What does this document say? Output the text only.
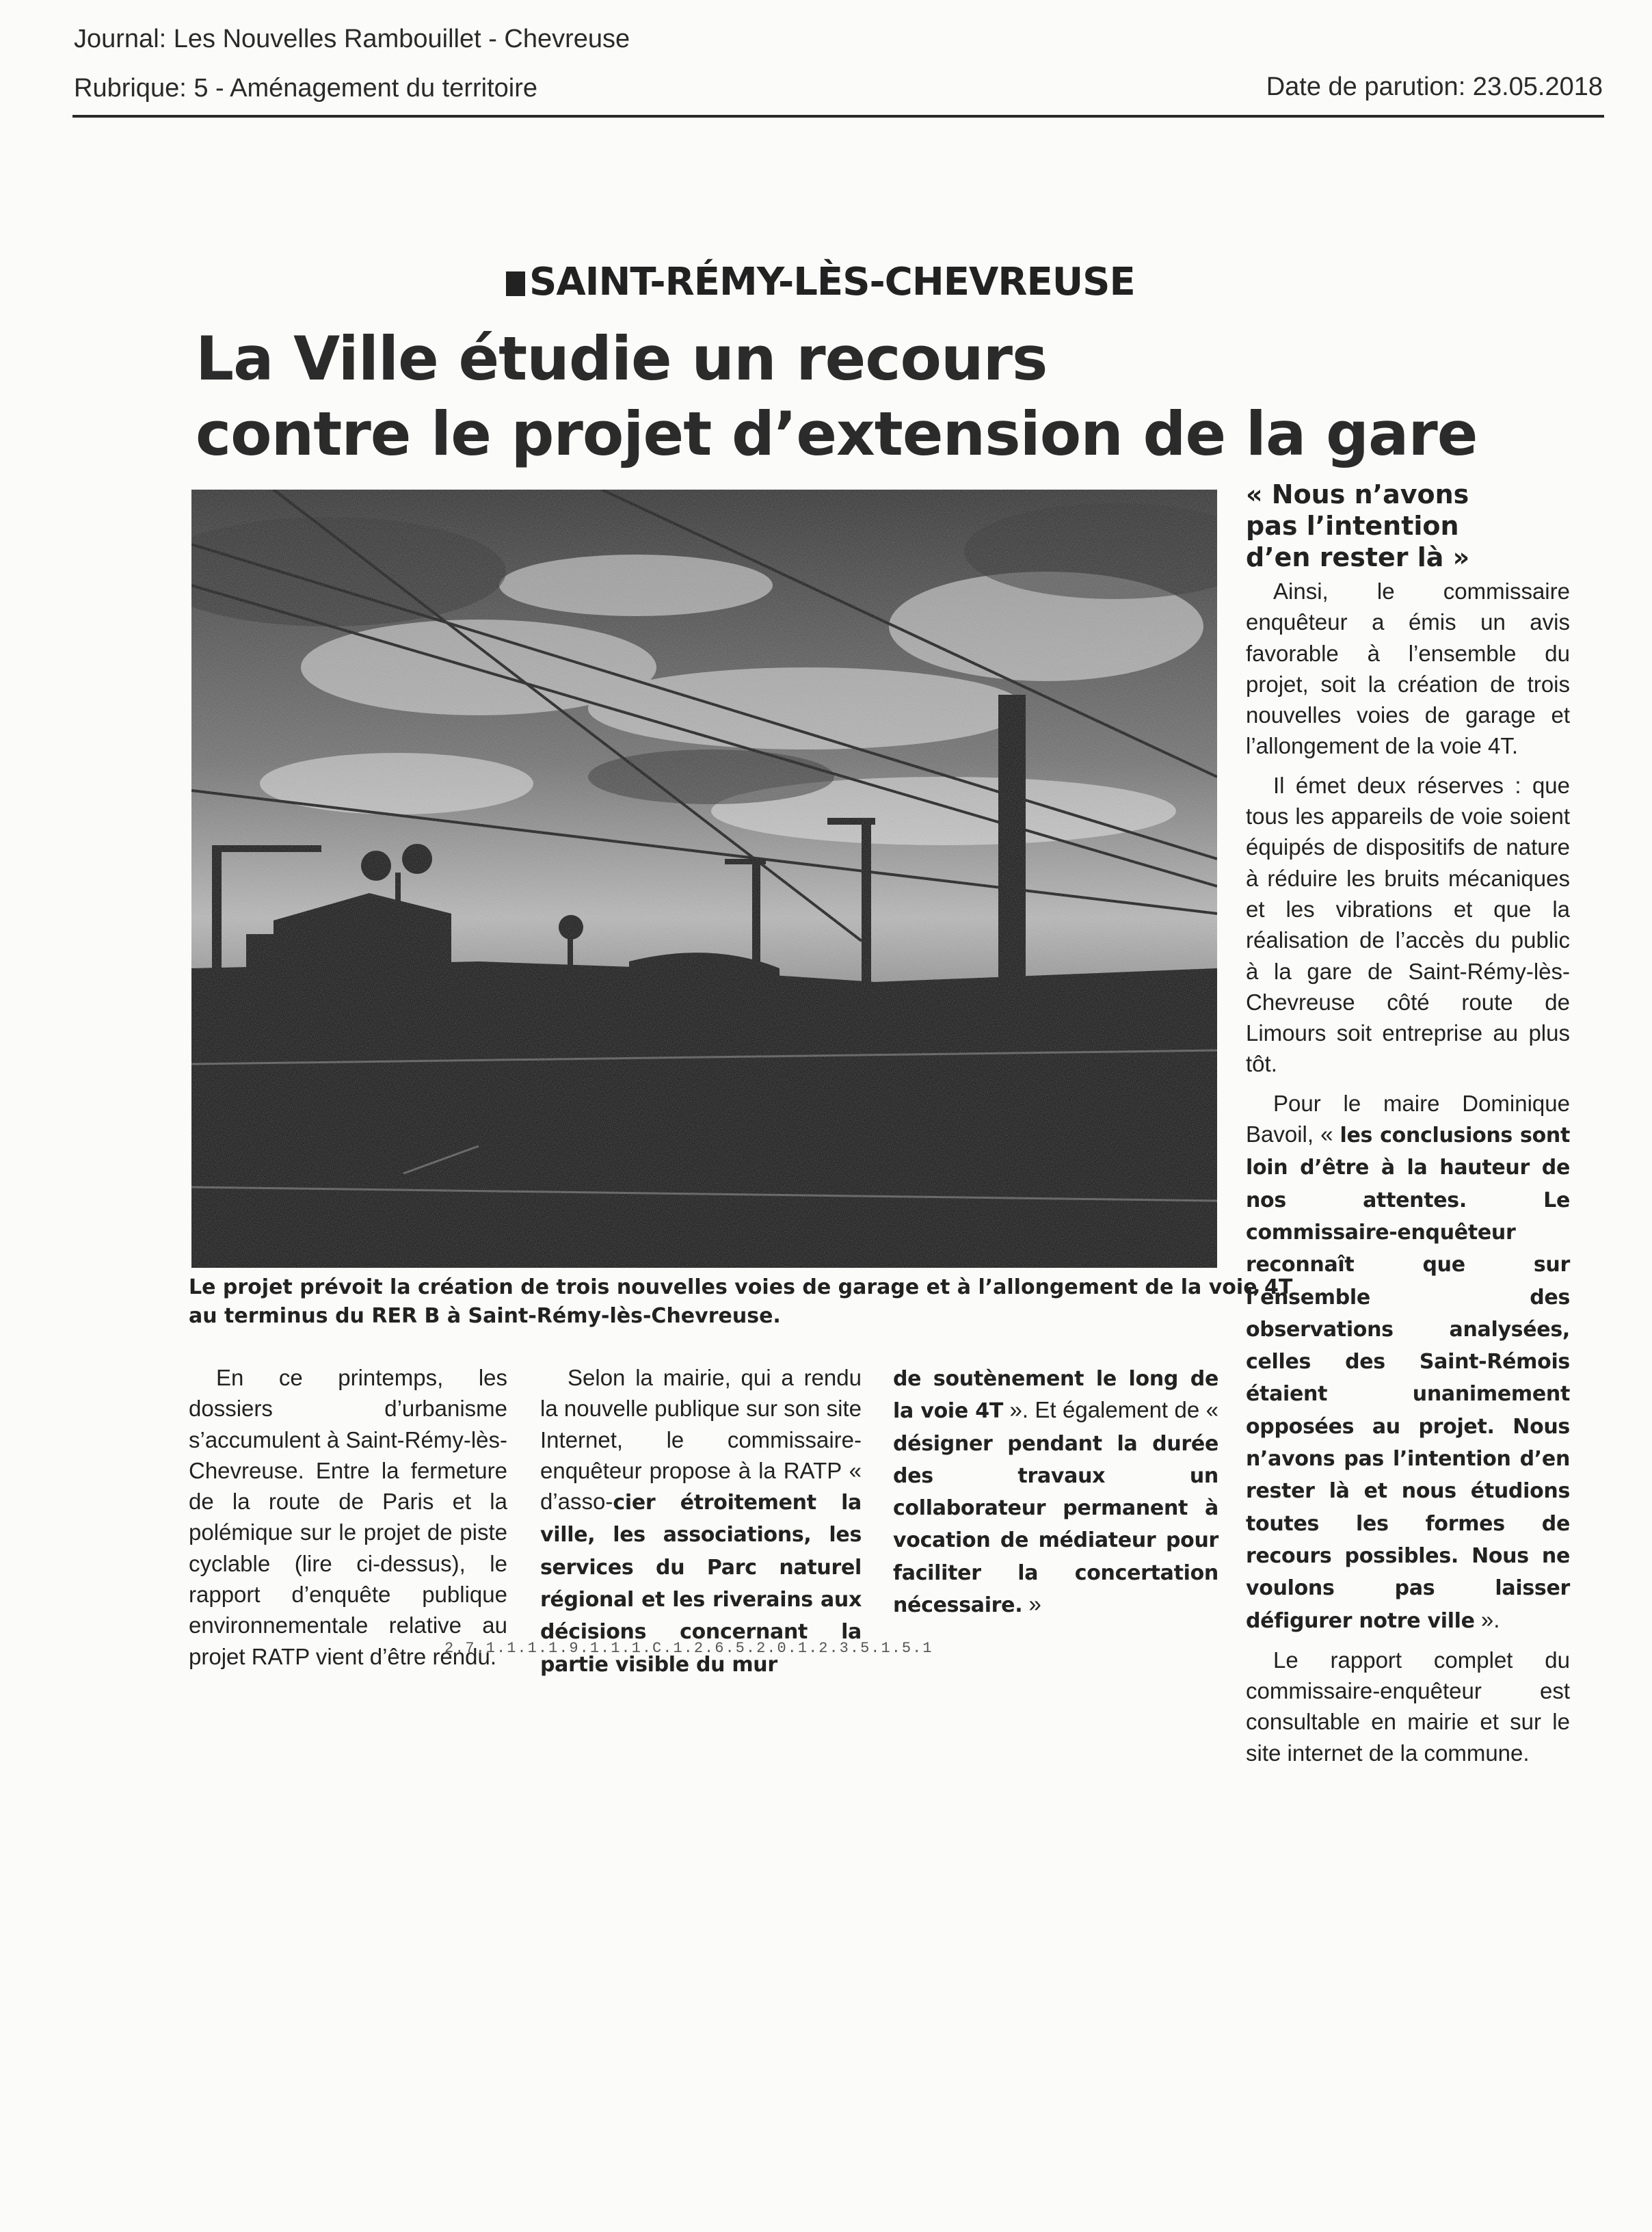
Journal: Les Nouvelles Rambouillet - Chevreuse
Rubrique: 5 - Aménagement du territoire	Date de parution: 23.05.2018
SAINT-RÉMY-LÈS-CHEVREUSE
La Ville étudie un recours
contre le projet d’extension de la gare
Le projet prévoit la création de trois nouvelles voies de garage et à l’allongement de la voie 4T
au terminus du RER B à Saint-Rémy-lès-Chevreuse.

En ce printemps, les dossiers d’urbanisme s’accumulent à Saint-Rémy-lès-Chevreuse. Entre la fermeture de la route de Paris et la polémique sur le projet de piste cyclable (lire ci-dessus), le rapport d’enquête publique environnementale relative au projet RATP vient d’être rendu.

Selon la mairie, qui a rendu la nouvelle publique sur son site Internet, le commissaire-enquêteur propose à la RATP « d’asso-cier étroitement la ville, les associations, les services du Parc naturel régional et les riverains aux décisions concernant la partie visible du mur

de soutènement le long de la voie 4T ». Et également de « désigner pendant la durée des travaux un collaborateur permanent à vocation de médiateur pour faciliter la concertation nécessaire. »

« Nous n’avons
pas l’intention
d’en rester là »

Ainsi, le commissaire enquêteur a émis un avis favorable à l’ensemble du projet, soit la création de trois nouvelles voies de garage et l’allongement de la voie 4T.

Il émet deux réserves : que tous les appareils de voie soient équipés de dispositifs de nature à réduire les bruits mécaniques et les vibrations et que la réalisation de l’accès du public à la gare de Saint-Rémy-lès-Chevreuse côté route de Limours soit entreprise au plus tôt.

Pour le maire Dominique Bavoil, « les conclusions sont loin d’être à la hauteur de nos attentes. Le commissaire-enquêteur reconnaît que sur l’ensemble des observations analysées, celles des Saint-Rémois étaient unanimement opposées au projet. Nous n’avons pas l’intention d’en rester là et nous étudions toutes les formes de recours possibles. Nous ne voulons pas laisser défigurer notre ville ».

Le rapport complet du commissaire-enquêteur est consultable en mairie et sur le site internet de la commune.

2.7.1.1.1.1.9.1.1.1.C.1.2.6.5.2.0.1.2.3.5.1.5.1
